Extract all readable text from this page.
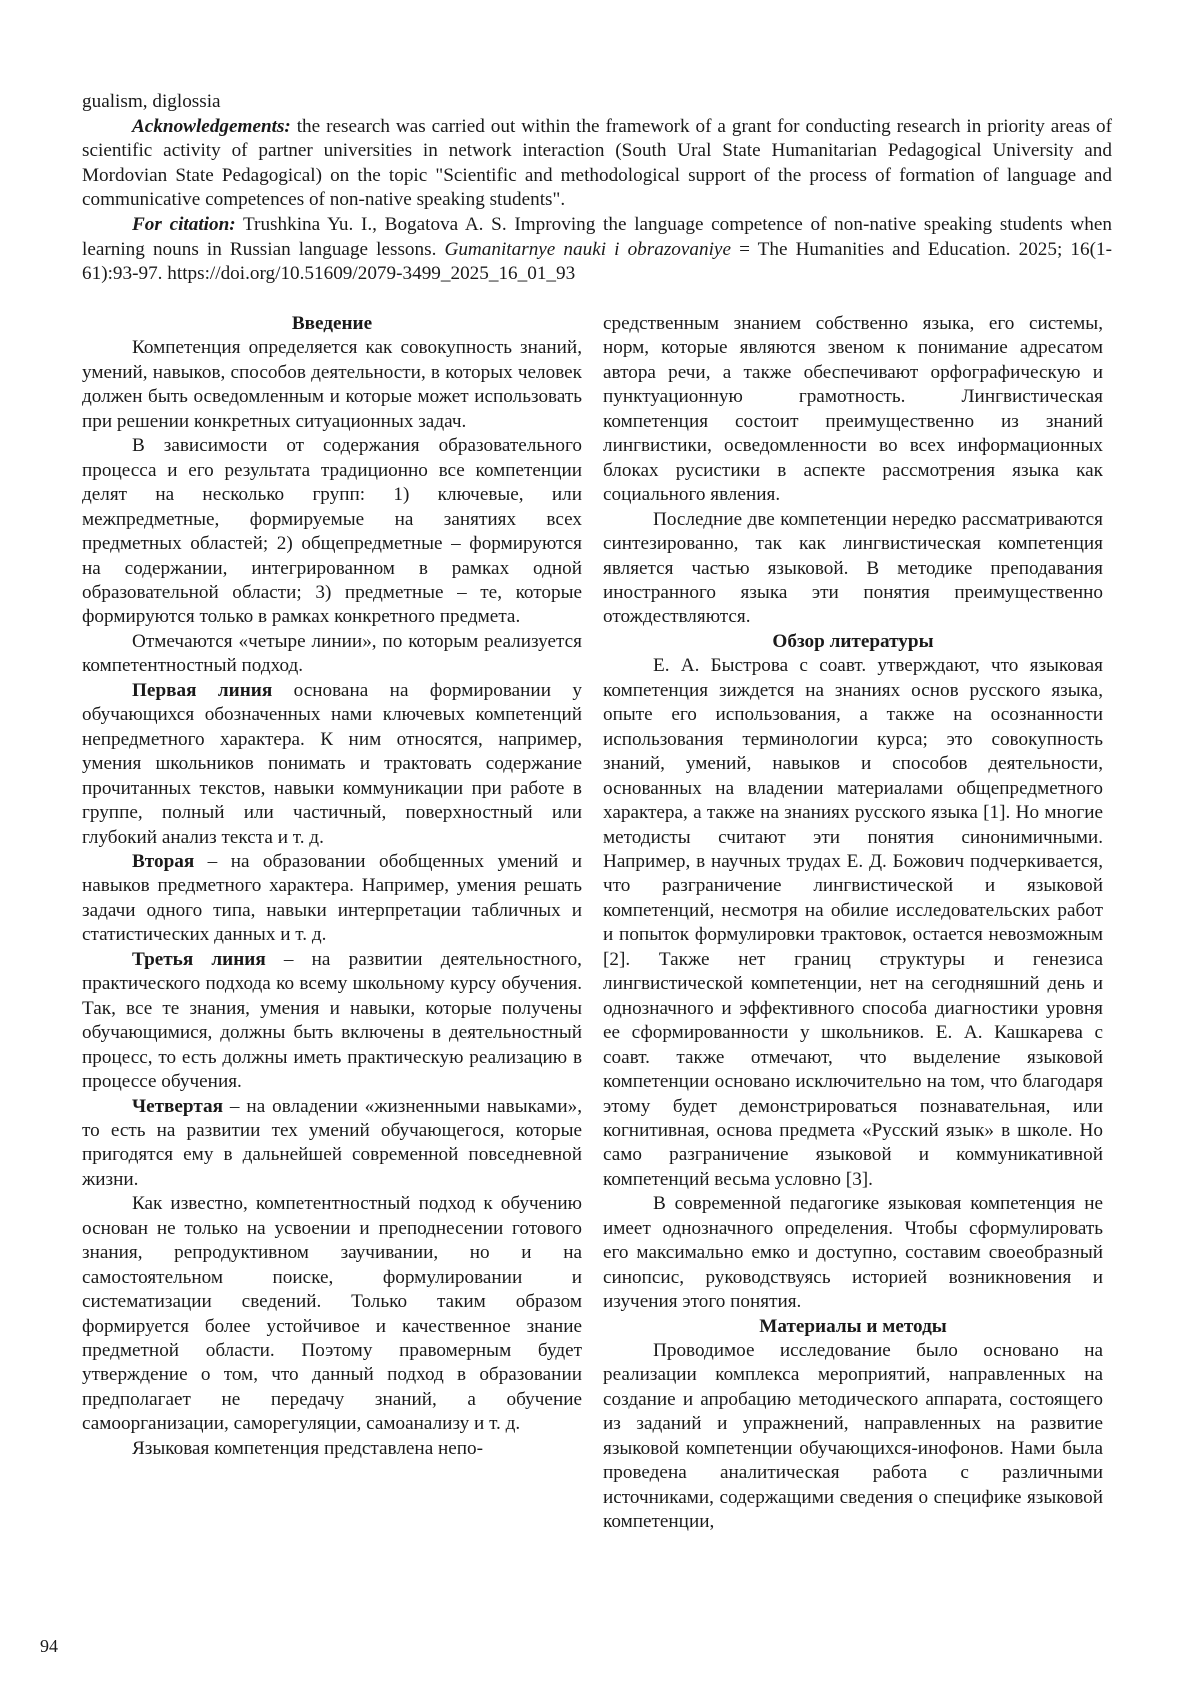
gualism, diglossia

Acknowledgements: the research was carried out within the framework of a grant for conducting research in priority areas of scientific activity of partner universities in network interaction (South Ural State Humanitarian Pedagogical University and Mordovian State Pedagogical) on the topic "Scientific and methodological support of the process of formation of language and communicative competences of non-native speaking students".

For citation: Trushkina Yu. I., Bogatova A. S. Improving the language competence of non-native speaking students when learning nouns in Russian language lessons. Gumanitarnye nauki i obrazovaniye = The Humanities and Education. 2025; 16(1-61):93-97. https://doi.org/10.51609/2079-3499_2025_16_01_93

Введение

Компетенция определяется как совокупность знаний, умений, навыков, способов деятельности, в которых человек должен быть осведомленным и которые может использовать при решении конкретных ситуационных задач.

В зависимости от содержания образовательного процесса и его результата традиционно все компетенции делят на несколько групп: 1) ключевые, или межпредметные, формируемые на занятиях всех предметных областей; 2) общепредметные – формируются на содержании, интегрированном в рамках одной образовательной области; 3) предметные – те, которые формируются только в рамках конкретного предмета.

Отмечаются «четыре линии», по которым реализуется компетентностный подход.

Первая линия основана на формировании у обучающихся обозначенных нами ключевых компетенций непредметного характера. К ним относятся, например, умения школьников понимать и трактовать содержание прочитанных текстов, навыки коммуникации при работе в группе, полный или частичный, поверхностный или глубокий анализ текста и т. д.

Вторая – на образовании обобщенных умений и навыков предметного характера. Например, умения решать задачи одного типа, навыки интерпретации табличных и статистических данных и т. д.

Третья линия – на развитии деятельностного, практического подхода ко всему школьному курсу обучения. Так, все те знания, умения и навыки, которые получены обучающимися, должны быть включены в деятельностный процесс, то есть должны иметь практическую реализацию в процессе обучения.

Четвертая – на овладении «жизненными навыками», то есть на развитии тех умений обучающегося, которые пригодятся ему в дальнейшей современной повседневной жизни.

Как известно, компетентностный подход к обучению основан не только на усвоении и преподнесении готового знания, репродуктивном заучивании, но и на самостоятельном поиске, формулировании и систематизации сведений. Только таким образом формируется более устойчивое и качественное знание предметной области. Поэтому правомерным будет утверждение о том, что данный подход в образовании предполагает не передачу знаний, а обучение самоорганизации, саморегуляции, самоанализу и т. д.

Языковая компетенция представлена непо-

средственным знанием собственно языка, его системы, норм, которые являются звеном к понимание адресатом автора речи, а также обеспечивают орфографическую и пунктуационную грамотность. Лингвистическая компетенция состоит преимущественно из знаний лингвистики, осведомленности во всех информационных блоках русистики в аспекте рассмотрения языка как социального явления.

Последние две компетенции нередко рассматриваются синтезированно, так как лингвистическая компетенция является частью языковой. В методике преподавания иностранного языка эти понятия преимущественно отождествляются.

Обзор литературы

Е. А. Быстрова с соавт. утверждают, что языковая компетенция зиждется на знаниях основ русского языка, опыте его использования, а также на осознанности использования терминологии курса; это совокупность знаний, умений, навыков и способов деятельности, основанных на владении материалами общепредметного характера, а также на знаниях русского языка [1]. Но многие методисты считают эти понятия синонимичными. Например, в научных трудах Е. Д. Божович подчеркивается, что разграничение лингвистической и языковой компетенций, несмотря на обилие исследовательских работ и попыток формулировки трактовок, остается невозможным [2]. Также нет границ структуры и генезиса лингвистической компетенции, нет на сегодняшний день и однозначного и эффективного способа диагностики уровня ее сформированности у школьников. Е. А. Кашкарева с соавт. также отмечают, что выделение языковой компетенции основано исключительно на том, что благодаря этому будет демонстрироваться познавательная, или когнитивная, основа предмета «Русский язык» в школе. Но само разграничение языковой и коммуникативной компетенций весьма условно [3].

В современной педагогике языковая компетенция не имеет однозначного определения. Чтобы сформулировать его максимально емко и доступно, составим своеобразный синопсис, руководствуясь историей возникновения и изучения этого понятия.

Материалы и методы

Проводимое исследование было основано на реализации комплекса мероприятий, направленных на создание и апробацию методического аппарата, состоящего из заданий и упражнений, направленных на развитие языковой компетенции обучающихся-инофонов. Нами была проведена аналитическая работа с различными источниками, содержащими сведения о специфике языковой компетенции,

94
